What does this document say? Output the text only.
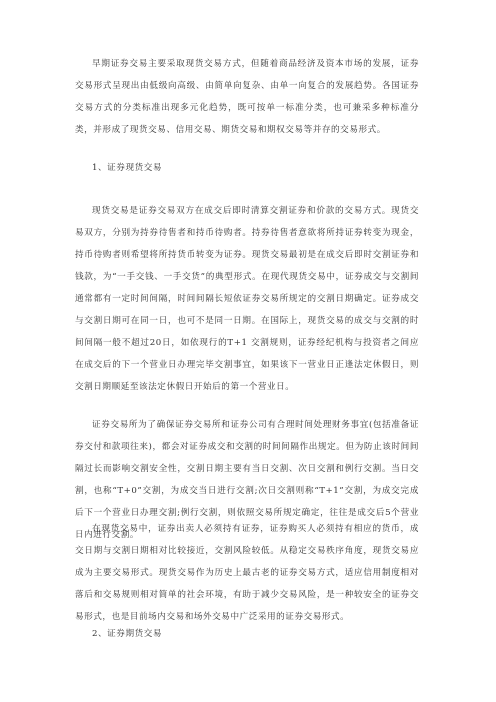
早期证券交易主要采取现货交易方式，但随着商品经济及资本市场的发展，证券交易形式呈现出由低级向高级、由简单向复杂、由单一向复合的发展趋势。各国证券交易方式的分类标准出现多元化趋势，既可按单一标准分类，也可兼采多种标准分类，并形成了现货交易、信用交易、期货交易和期权交易等并存的交易形式。

1、证券现货交易

现货交易是证券交易双方在成交后即时清算交割证券和价款的交易方式。现货交易双方，分别为持券待售者和持币待购者。持券待售者意欲将所持证券转变为现金，持币待购者则希望将所持货币转变为证券。现货交易最初是在成交后即时交割证券和钱款，为“一手交钱、一手交货”的典型形式。在现代现货交易中，证券成交与交割间通常都有一定时间间隔，时间间隔长短依证券交易所规定的交割日期确定。证券成交与交割日期可在同一日，也可不是同一日期。在国际上，现货交易的成交与交割的时间间隔一般不超过20日，如依现行的T+1 交割规则，证券经纪机构与投资者之间应在成交后的下一个营业日办理完毕交割事宜，如果该下一营业日正逢法定休假日，则交割日期顺延至该法定休假日开始后的第一个营业日。

证券交易所为了确保证券交易所和证券公司有合理时间处理财务事宜(包括准备证券交付和款项往来)，都会对证券成交和交割的时间间隔作出规定。但为防止该时间间隔过长而影响交割安全性，交割日期主要有当日交割、次日交割和例行交割。当日交割，也称“T+0”交割，为成交当日进行交割;次日交割则称“T+1”交割，为成交完成后下一个营业日办理交割;例行交割，则依照交易所规定确定，往往是成交后5个营业日内进行交割。

在现货交易中，证券出卖人必须持有证券，证券购买人必须持有相应的货币，成交日期与交割日期相对比较接近，交割风险较低。从稳定交易秩序角度，现货交易应成为主要交易形式。现货交易作为历史上最古老的证券交易方式，适应信用制度相对落后和交易规则相对简单的社会环境，有助于减少交易风险，是一种较安全的证券交易形式，也是目前场内交易和场外交易中广泛采用的证券交易形式。

2、证券期货交易
